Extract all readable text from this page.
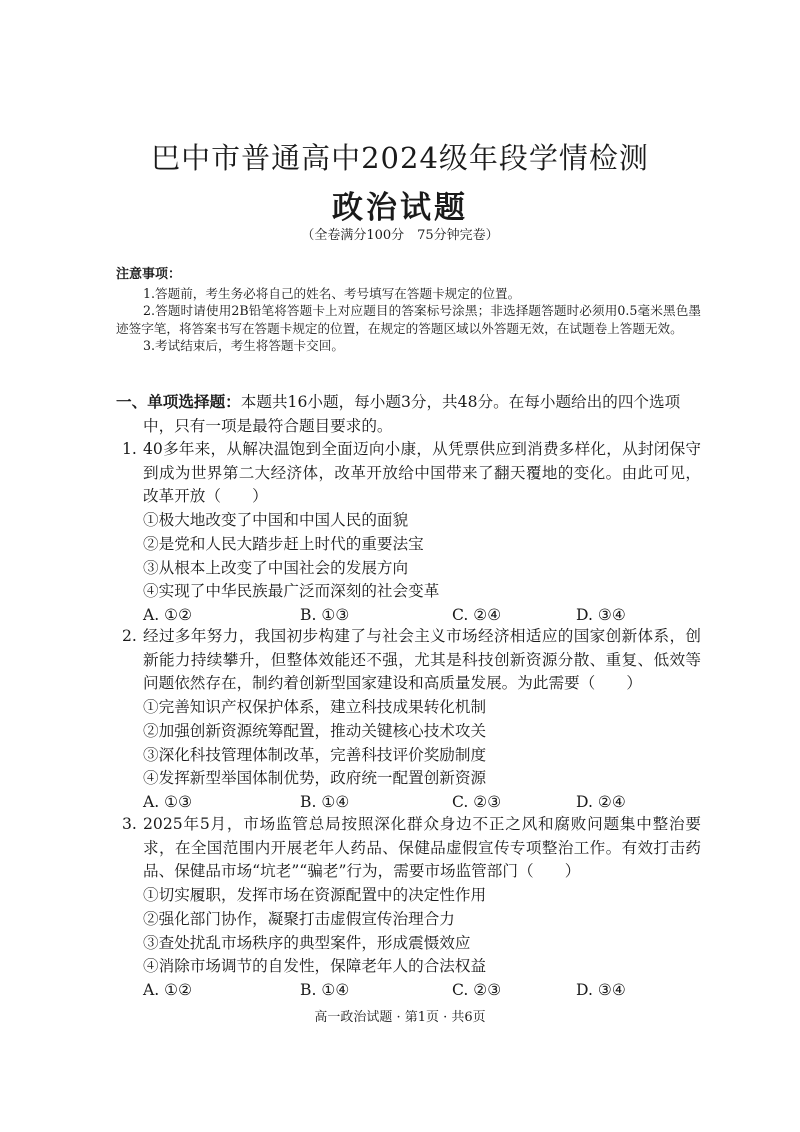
巴中市普通高中2024级年段学情检测
政治试题
（全卷满分100分　75分钟完卷）
注意事项：
1.答题前，考生务必将自己的姓名、考号填写在答题卡规定的位置。
2.答题时请使用2B铅笔将答题卡上对应题目的答案标号涂黑；非选择题答题时必须用0.5毫米黑色墨迹签字笔，将答案书写在答题卡规定的位置，在规定的答题区域以外答题无效，在试题卷上答题无效。
3.考试结束后，考生将答题卡交回。
一、单项选择题：本题共16小题，每小题3分，共48分。在每小题给出的四个选项
中，只有一项是最符合题目要求的。
1. 40多年来，从解决温饱到全面迈向小康，从凭票供应到消费多样化，从封闭保守到成为世界第二大经济体，改革开放给中国带来了翻天覆地的变化。由此可见，改革开放（　　）
①极大地改变了中国和中国人民的面貌
②是党和人民大踏步赶上时代的重要法宝
③从根本上改变了中国社会的发展方向
④实现了中华民族最广泛而深刻的社会变革
A. ①②	B. ①③	C. ②④	D. ③④
2. 经过多年努力，我国初步构建了与社会主义市场经济相适应的国家创新体系，创新能力持续攀升，但整体效能还不强，尤其是科技创新资源分散、重复、低效等问题依然存在，制约着创新型国家建设和高质量发展。为此需要（　　）
①完善知识产权保护体系，建立科技成果转化机制
②加强创新资源统筹配置，推动关键核心技术攻关
③深化科技管理体制改革，完善科技评价奖励制度
④发挥新型举国体制优势，政府统一配置创新资源
A. ①③	B. ①④	C. ②③	D. ②④
3. 2025年5月，市场监管总局按照深化群众身边不正之风和腐败问题集中整治要求，在全国范围内开展老年人药品、保健品虚假宣传专项整治工作。有效打击药品、保健品市场“坑老”“骗老”行为，需要市场监管部门（　　）
①切实履职，发挥市场在资源配置中的决定性作用
②强化部门协作，凝聚打击虚假宣传治理合力
③查处扰乱市场秩序的典型案件，形成震慑效应
④消除市场调节的自发性，保障老年人的合法权益
A. ①②	B. ①④	C. ②③	D. ③④
高一政治试题 · 第1页 · 共6页
